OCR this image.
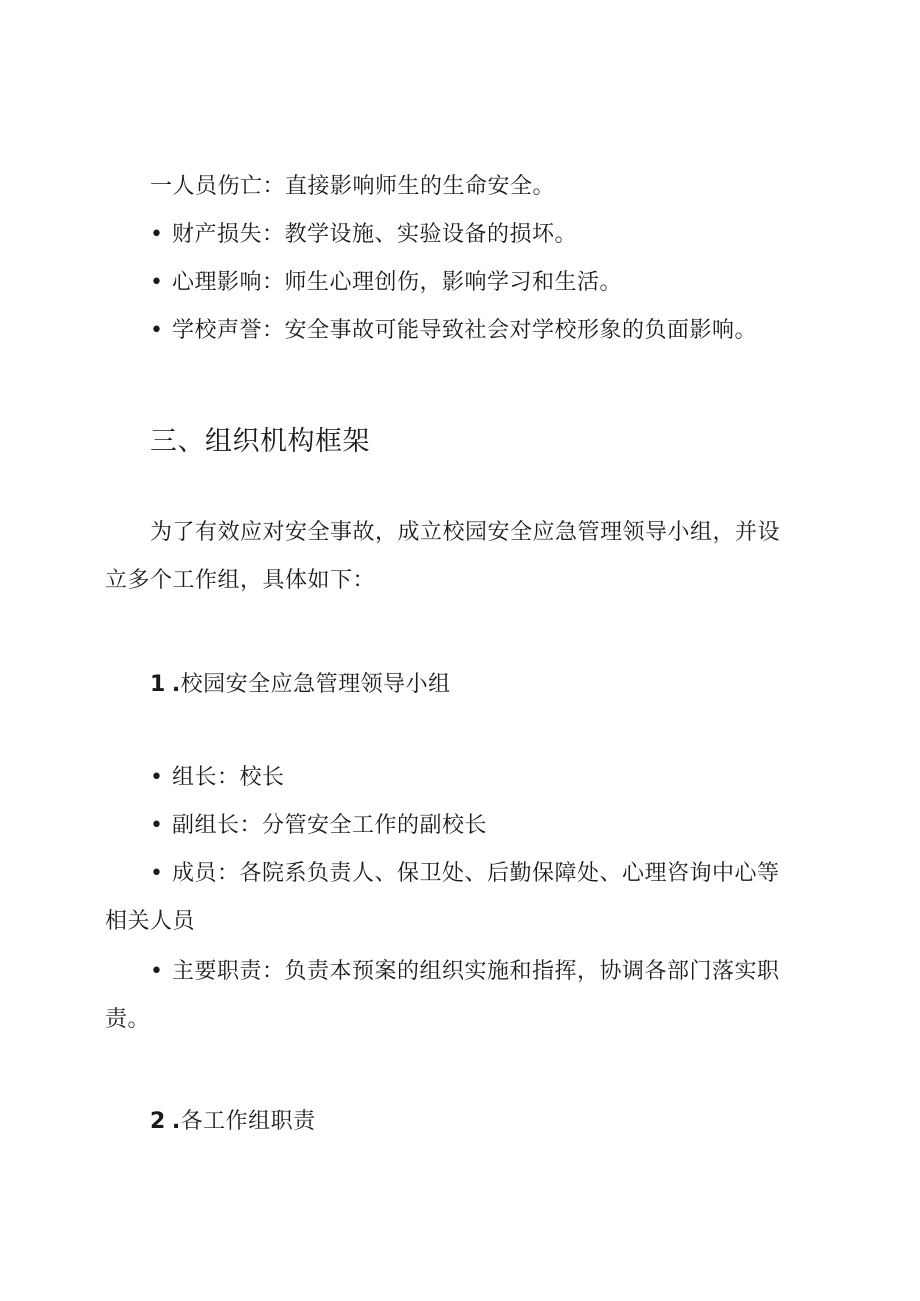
一人员伤亡：直接影响师生的生命安全。
• 财产损失：教学设施、实验设备的损坏。
• 心理影响：师生心理创伤，影响学习和生活。
• 学校声誉：安全事故可能导致社会对学校形象的负面影响。
三、组织机构框架
为了有效应对安全事故，成立校园安全应急管理领导小组，并设
立多个工作组，具体如下：
1 .校园安全应急管理领导小组
• 组长：校长
• 副组长：分管安全工作的副校长
• 成员：各院系负责人、保卫处、后勤保障处、心理咨询中心等
相关人员
• 主要职责：负责本预案的组织实施和指挥，协调各部门落实职
责。
2 .各工作组职责
